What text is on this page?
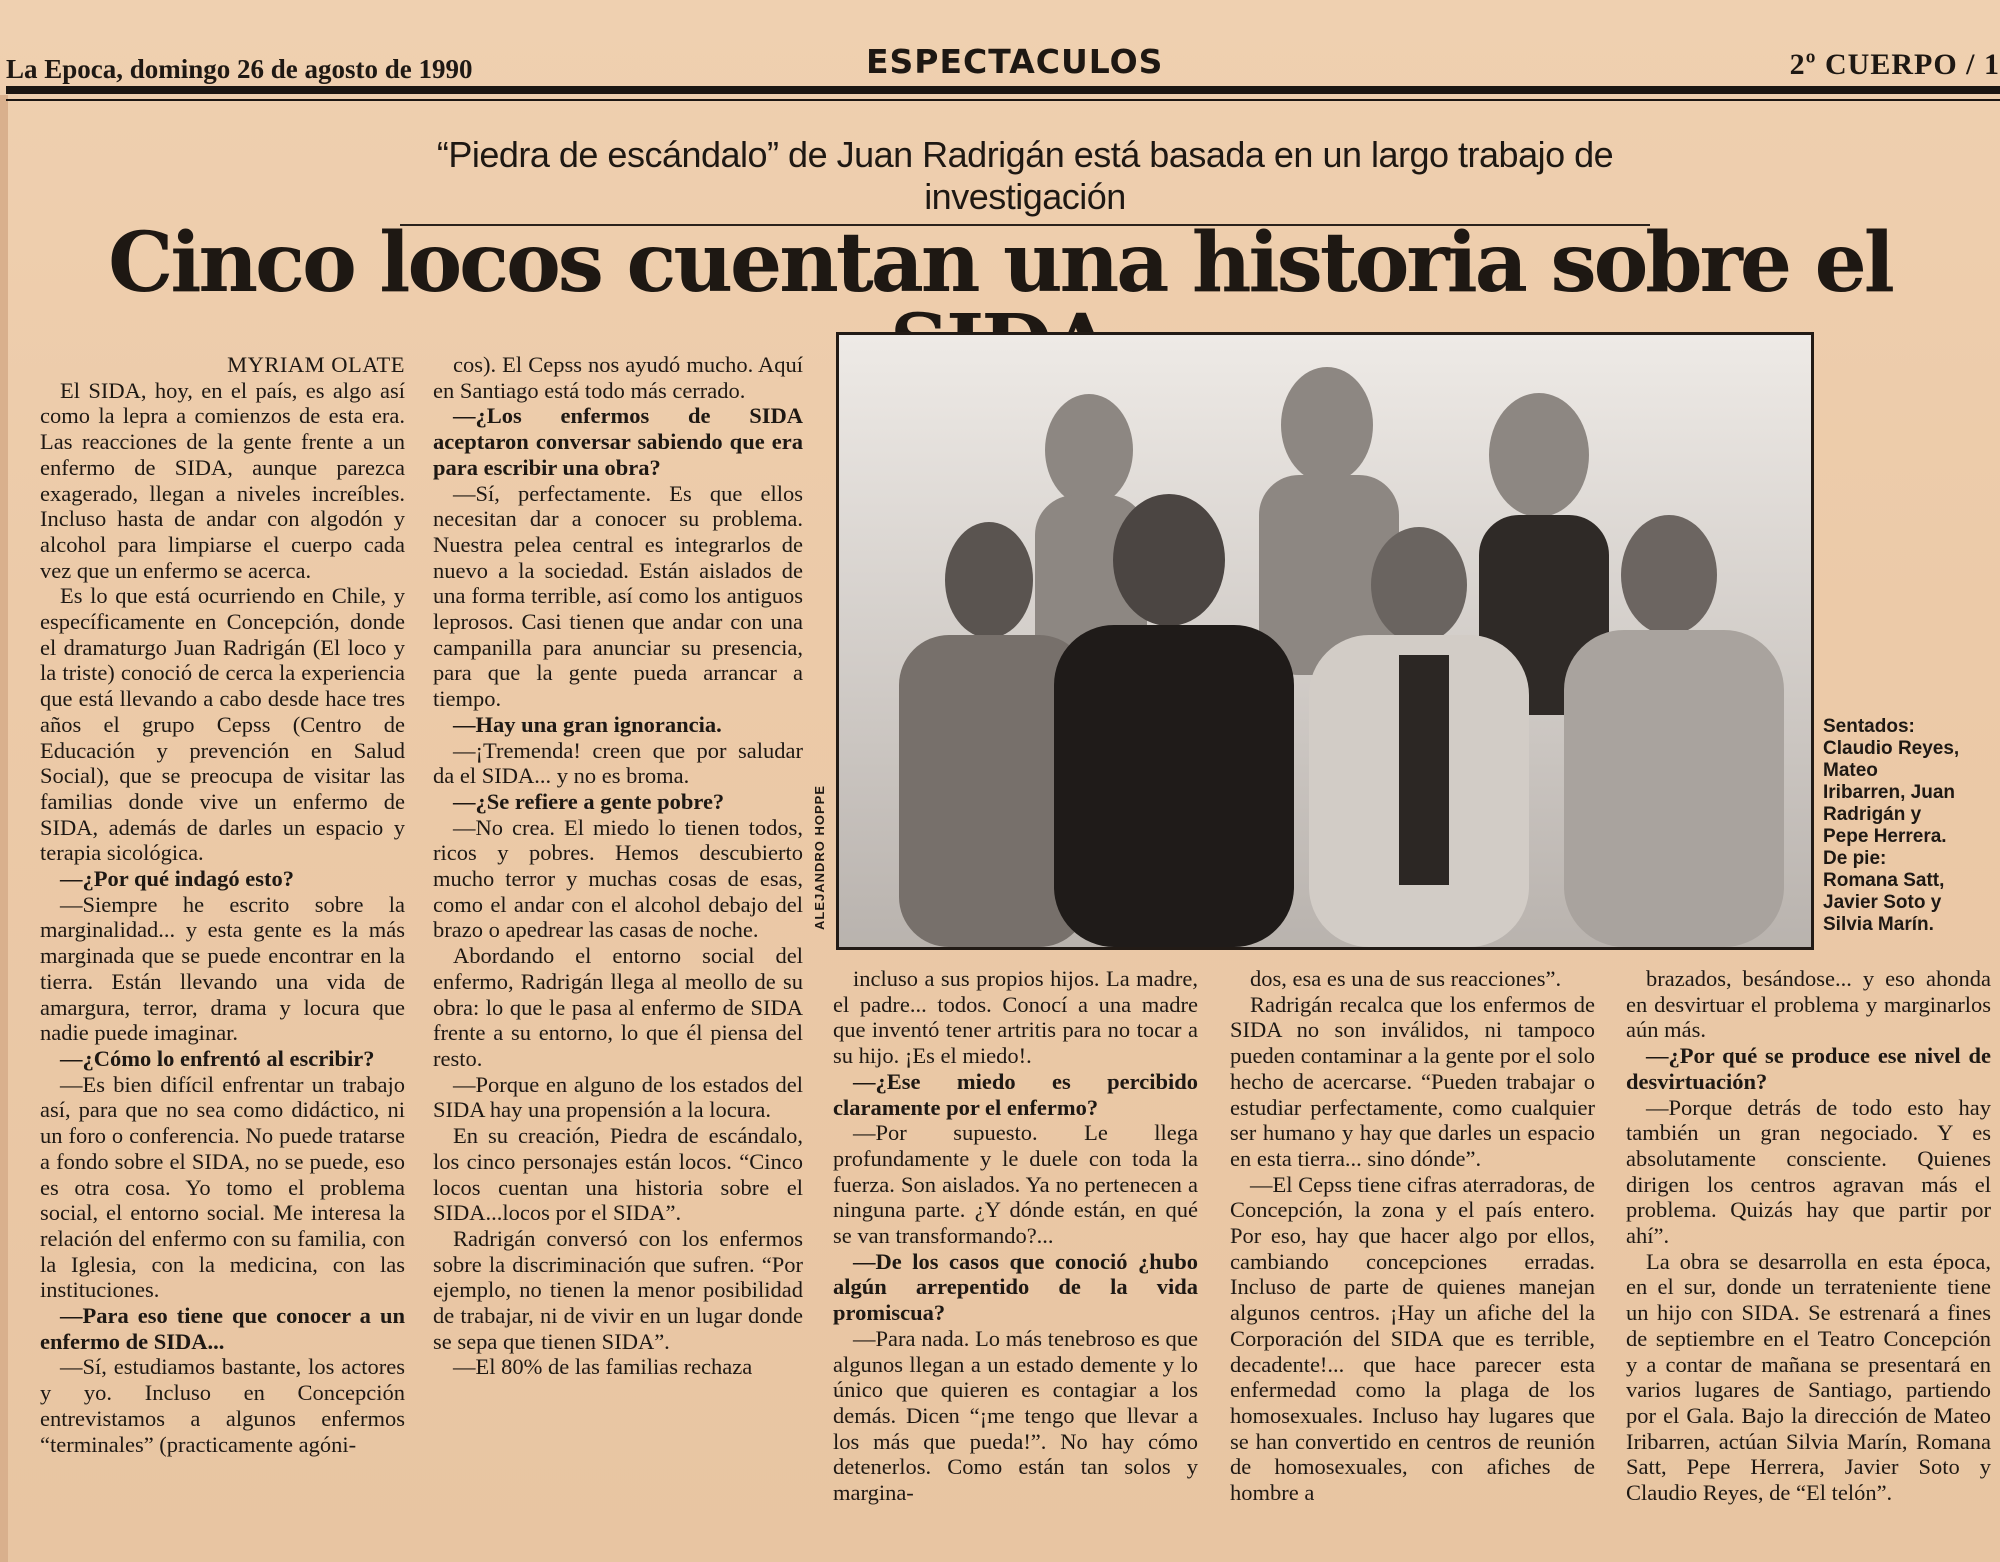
La Epoca, domingo 26 de agosto de 1990	ESPECTACULOS	2º CUERPO / 1
“Piedra de escándalo” de Juan Radrigán está basada en un largo trabajo de investigación
Cinco locos cuentan una historia sobre el

MYRIAM OLATE

El SIDA, hoy, en el país, es algo así como la lepra a comienzos de esta era. Las reacciones de la gente frente a un enfermo de SIDA, aunque parezca exagerado, llegan a niveles increíbles. Incluso hasta de andar con algodón y alcohol para limpiarse el cuerpo cada vez que un enfermo se acerca.

Es lo que está ocurriendo en Chile, y específicamente en Concepción, donde el dramaturgo Juan Radrigán (El loco y la triste) conoció de cerca la experiencia que está llevando a cabo desde hace tres años el grupo Cepss (Centro de Educación y prevención en Salud Social), que se preocupa de visitar las familias donde vive un enfermo de SIDA, además de darles un espacio y terapia sicológica.

—¿Por qué indagó esto?

—Siempre he escrito sobre la marginalidad... y esta gente es la más marginada que se puede encontrar en la tierra. Están llevando una vida de amargura, terror, drama y locura que nadie puede imaginar.

—¿Cómo lo enfrentó al escribir?

—Es bien difícil enfrentar un trabajo así, para que no sea como didáctico, ni un foro o conferencia. No puede tratarse a fondo sobre el SIDA, no se puede, eso es otra cosa. Yo tomo el problema social, el entorno social. Me interesa la relación del enfermo con su familia, con la Iglesia, con la medicina, con las instituciones.

—Para eso tiene que conocer a un enfermo de SIDA...

—Sí, estudiamos bastante, los actores y yo. Incluso en Concepción entrevistamos a algunos enfermos “terminales” (practicamente agóni-

cos). El Cepss nos ayudó mucho. Aquí en Santiago está todo más cerrado.

—¿Los enfermos de SIDA aceptaron conversar sabiendo que era para escribir una obra?

—Sí, perfectamente. Es que ellos necesitan dar a conocer su problema. Nuestra pelea central es integrarlos de nuevo a la sociedad. Están aislados de una forma terrible, así como los antiguos leprosos. Casi tienen que andar con una campanilla para anunciar su presencia, para que la gente pueda arrancar a tiempo.

—Hay una gran ignorancia.

—¡Tremenda! creen que por saludar da el SIDA... y no es broma.

—¿Se refiere a gente pobre?

—No crea. El miedo lo tienen todos, ricos y pobres. Hemos descubierto mucho terror y muchas cosas de esas, como el andar con el alcohol debajo del brazo o apedrear las casas de noche.

Abordando el entorno social del enfermo, Radrigán llega al meollo de su obra: lo que le pasa al enfermo de SIDA frente a su entorno, lo que él piensa del resto.

—Porque en alguno de los estados del SIDA hay una propensión a la locura.

En su creación, Piedra de escándalo, los cinco personajes están locos. “Cinco locos cuentan una historia sobre el SIDA...locos por el SIDA”.

Radrigán conversó con los enfermos sobre la discriminación que sufren. “Por ejemplo, no tienen la menor posibilidad de trabajar, ni de vivir en un lugar donde se sepa que tienen SIDA”.

—El 80% de las familias rechaza

incluso a sus propios hijos. La madre, el padre... todos. Conocí a una madre que inventó tener artritis para no tocar a su hijo. ¡Es el miedo!.

—¿Ese miedo es percibido claramente por el enfermo?

—Por supuesto. Le llega profundamente y le duele con toda la fuerza. Son aislados. Ya no pertenecen a ninguna parte. ¿Y dónde están, en qué se van transformando?...

—De los casos que conoció ¿hubo algún arrepentido de la vida promiscua?

—Para nada. Lo más tenebroso es que algunos llegan a un estado demente y lo único que quieren es contagiar a los demás. Dicen “¡me tengo que llevar a los más que pueda!”. No hay cómo detenerlos. Como están tan solos y margina-

dos, esa es una de sus reacciones”.

Radrigán recalca que los enfermos de SIDA no son inválidos, ni tampoco pueden contaminar a la gente por el solo hecho de acercarse. “Pueden trabajar o estudiar perfectamente, como cualquier ser humano y hay que darles un espacio en esta tierra... sino dónde”.

—El Cepss tiene cifras aterradoras, de Concepción, la zona y el país entero. Por eso, hay que hacer algo por ellos, cambiando concepciones erradas. Incluso de parte de quienes manejan algunos centros. ¡Hay un afiche del la Corporación del SIDA que es terrible, decadente!... que hace parecer esta enfermedad como la plaga de los homosexuales. Incluso hay lugares que se han convertido en centros de reunión de homosexuales, con afiches de hombre a

brazados, besándose... y eso ahonda en desvirtuar el problema y marginarlos aún más.

—¿Por qué se produce ese nivel de desvirtuación?

—Porque detrás de todo esto hay también un gran negociado. Y es absolutamente consciente. Quienes dirigen los centros agravan más el problema. Quizás hay que partir por ahí”.

La obra se desarrolla en esta época, en el sur, donde un terrateniente tiene un hijo con SIDA. Se estrenará a fines de septiembre en el Teatro Concepción y a contar de mañana se presentará en varios lugares de Santiago, partiendo por el Gala. Bajo la dirección de Mateo Iribarren, actúan Silvia Marín, Romana Satt, Pepe Herrera, Javier Soto y Claudio Reyes, de “El telón”.

ALEJANDRO HOPPE
Sentados:
Claudio Reyes,
Mateo
Iribarren, Juan
Radrigán y
Pepe Herrera.
De pie:
Romana Satt,
Javier Soto y
Silvia Marín.
